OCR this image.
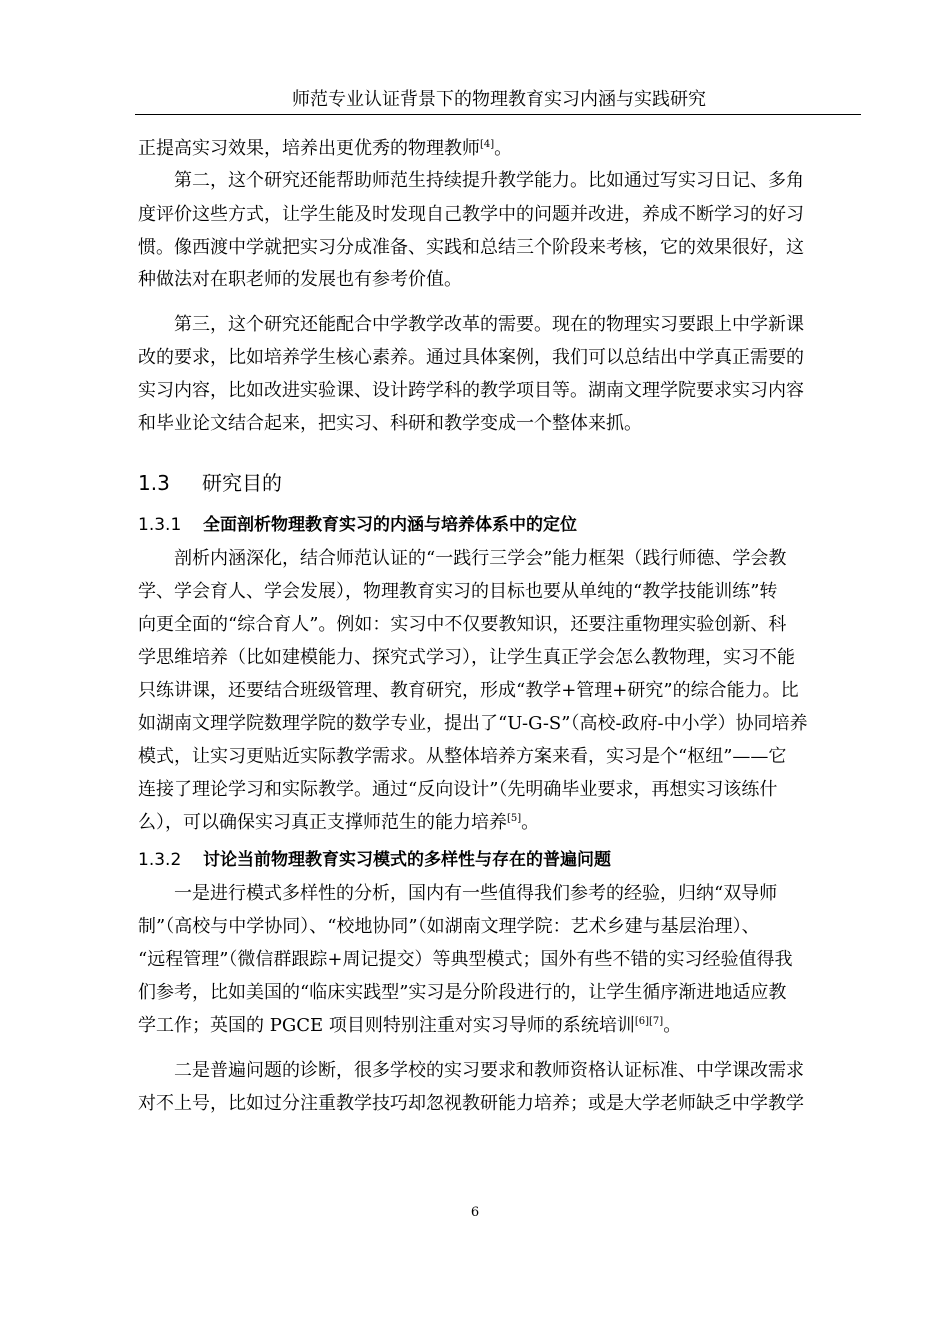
师范专业认证背景下的物理教育实习内涵与实践研究
正提高实习效果，培养出更优秀的物理教师[4]。
第二，这个研究还能帮助师范生持续提升教学能力。比如通过写实习日记、多角
度评价这些方式，让学生能及时发现自己教学中的问题并改进，养成不断学习的好习
惯。像西渡中学就把实习分成准备、实践和总结三个阶段来考核，它的效果很好，这
种做法对在职老师的发展也有参考价值。
第三，这个研究还能配合中学教学改革的需要。现在的物理实习要跟上中学新课
改的要求，比如培养学生核心素养。通过具体案例，我们可以总结出中学真正需要的
实习内容，比如改进实验课、设计跨学科的教学项目等。湖南文理学院要求实习内容
和毕业论文结合起来，把实习、科研和教学变成一个整体来抓。
1.3 研究目的
1.3.1 全面剖析物理教育实习的内涵与培养体系中的定位
剖析内涵深化，结合师范认证的“一践行三学会”能力框架（践行师德、学会教
学、学会育人、学会发展），物理教育实习的目标也要从单纯的“教学技能训练”转
向更全面的“综合育人”。例如：实习中不仅要教知识，还要注重物理实验创新、科
学思维培养（比如建模能力、探究式学习），让学生真正学会怎么教物理，实习不能
只练讲课，还要结合班级管理、教育研究，形成“教学+管理+研究”的综合能力。比
如湖南文理学院数理学院的数学专业，提出了“U-G-S”（高校-政府-中小学）协同培养
模式，让实习更贴近实际教学需求。从整体培养方案来看，实习是个“枢纽”——它
连接了理论学习和实际教学。通过“反向设计”（先明确毕业要求，再想实习该练什
么），可以确保实习真正支撑师范生的能力培养[5]。
1.3.2 讨论当前物理教育实习模式的多样性与存在的普遍问题
一是进行模式多样性的分析，国内有一些值得我们参考的经验，归纳“双导师
制”（高校与中学协同）、“校地协同”（如湖南文理学院：艺术乡建与基层治理）、
“远程管理”（微信群跟踪+周记提交）等典型模式；国外有些不错的实习经验值得我
们参考，比如美国的“临床实践型”实习是分阶段进行的，让学生循序渐进地适应教
学工作；英国的 PGCE 项目则特别注重对实习导师的系统培训[6][7]。
二是普遍问题的诊断，很多学校的实习要求和教师资格认证标准、中学课改需求
对不上号，比如过分注重教学技巧却忽视教研能力培养；或是大学老师缺乏中学教学
6
